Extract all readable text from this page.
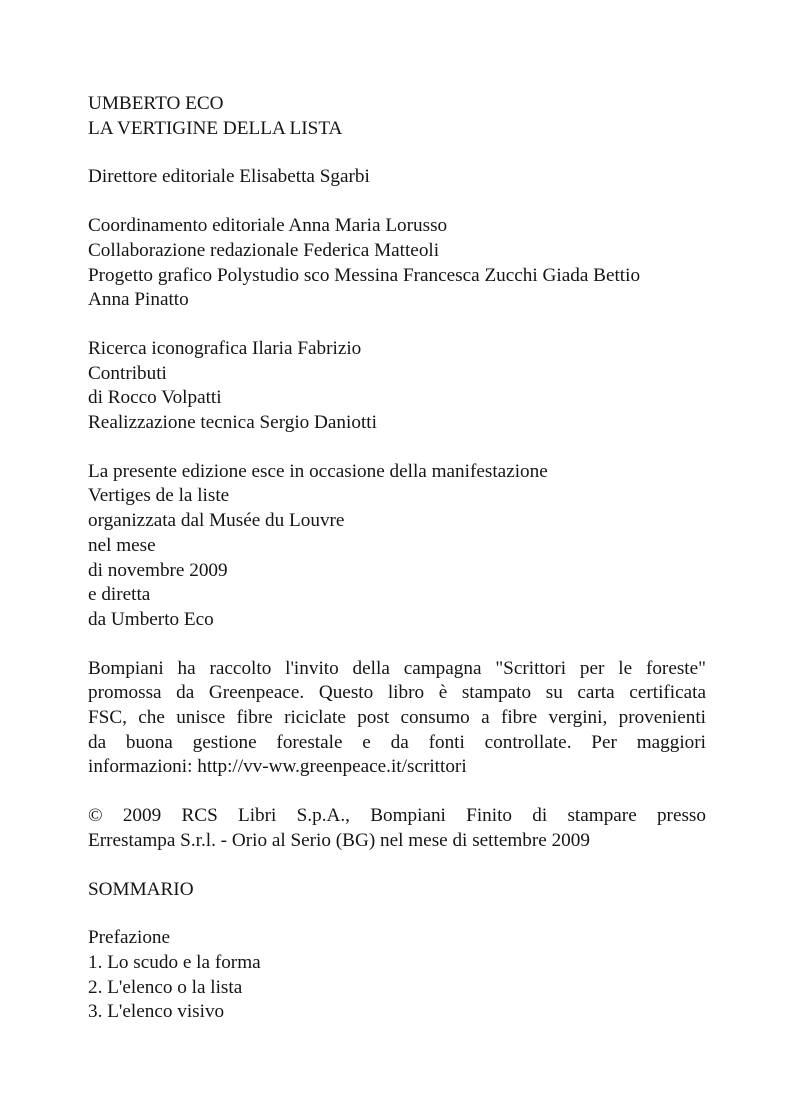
UMBERTO ECO
LA VERTIGINE DELLA LISTA
Direttore editoriale Elisabetta Sgarbi
Coordinamento editoriale Anna Maria Lorusso
Collaborazione redazionale Federica Matteoli
Progetto grafico Polystudio sco Messina Francesca Zucchi Giada Bettio
Anna Pinatto
Ricerca iconografica Ilaria Fabrizio
Contributi
di Rocco Volpatti
Realizzazione tecnica Sergio Daniotti
La presente edizione esce in occasione della manifestazione
Vertiges de la liste
organizzata dal Musée du Louvre
nel mese
di novembre 2009
e diretta
da Umberto Eco
Bompiani ha raccolto l'invito della campagna "Scrittori per le foreste"
promossa da Greenpeace. Questo libro è stampato su carta certificata
FSC, che unisce fibre riciclate post consumo a fibre vergini, provenienti
da buona gestione forestale e da fonti controllate. Per maggiori
informazioni: http://vv-ww.greenpeace.it/scrittori
© 2009 RCS Libri S.p.A., Bompiani Finito di stampare presso
Errestampa S.r.l. - Orio al Serio (BG) nel mese di settembre 2009
SOMMARIO
Prefazione
1. Lo scudo e la forma
2. L'elenco o la lista
3. L'elenco visivo
